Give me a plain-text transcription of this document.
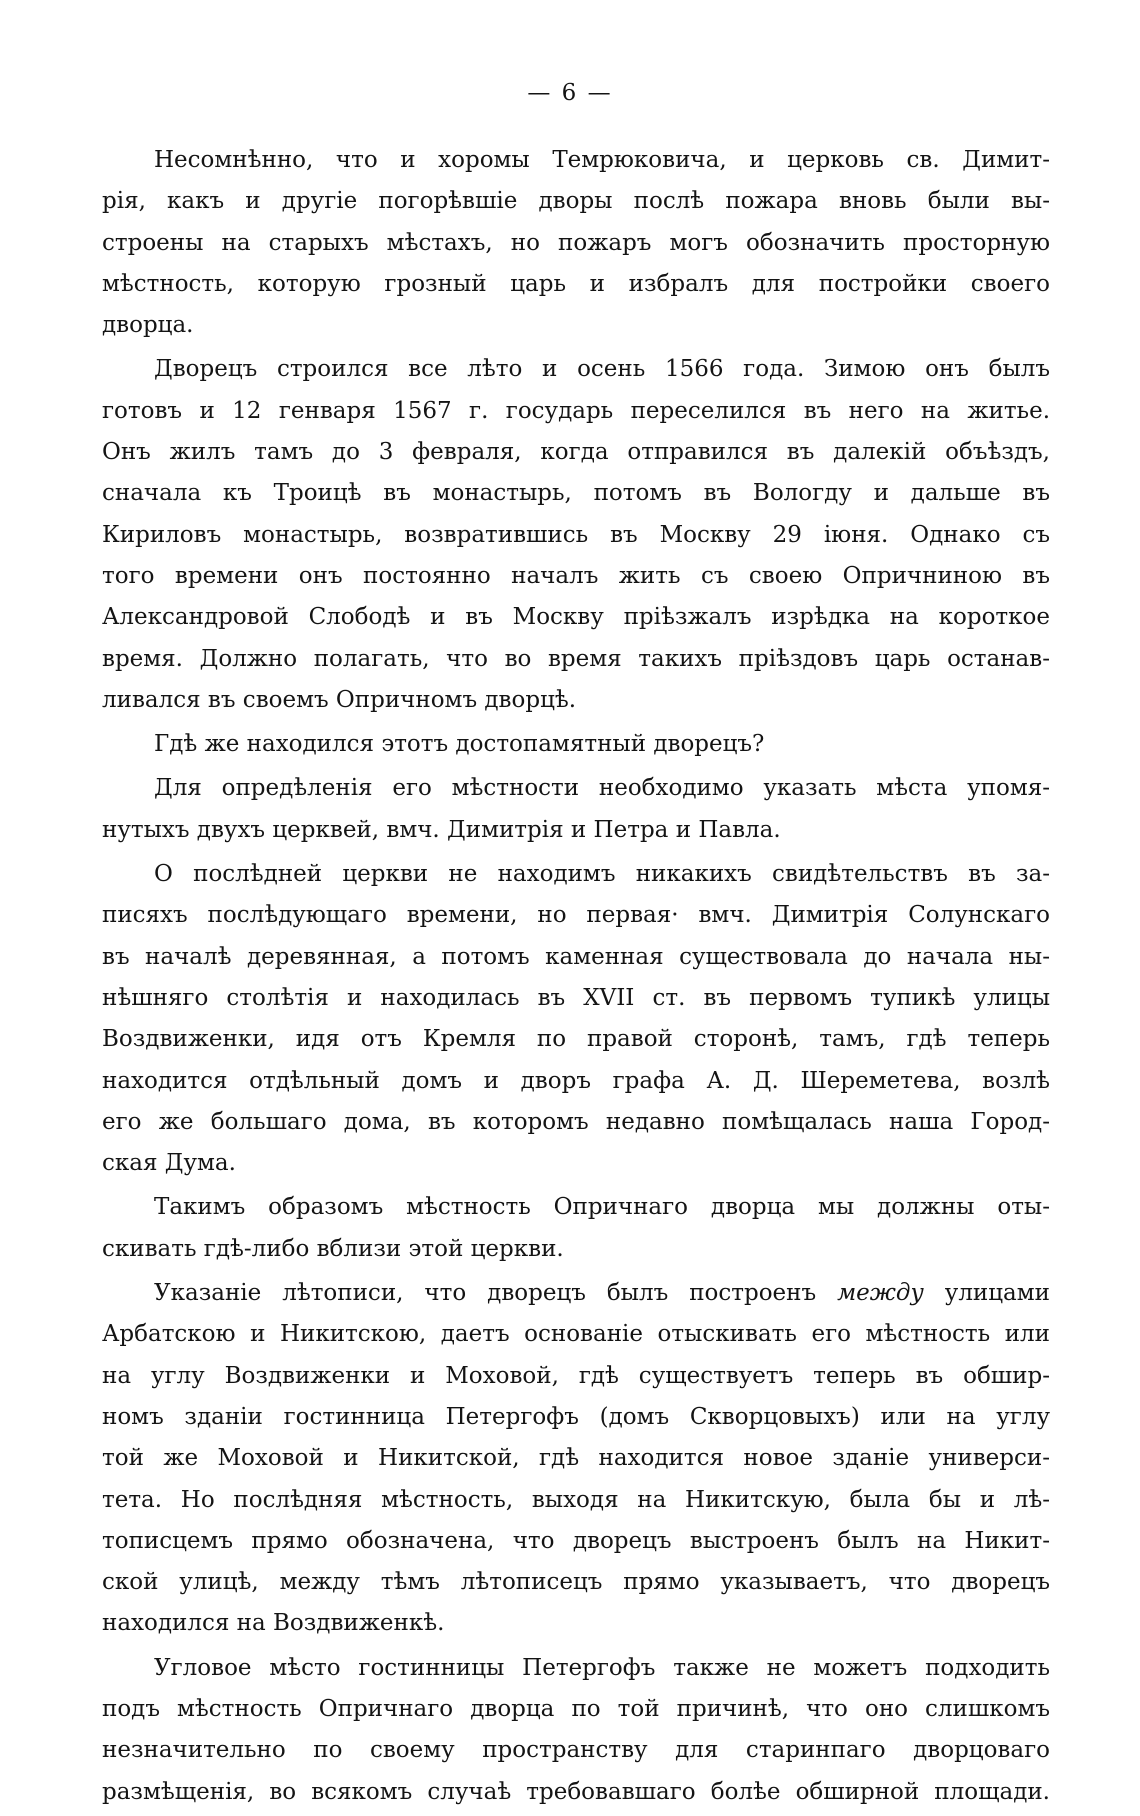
— 6 —
Несомнѣнно, что и хоромы Темрюковича, и церковь св. Димит-
рія, какъ и другіе погорѣвшіе дворы послѣ пожара вновь были вы-
строены на старыхъ мѣстахъ, но пожаръ могъ обозначить просторную
мѣстность, которую грозный царь и избралъ для постройки своего
дворца.
Дворецъ строился все лѣто и осень 1566 года. Зимою онъ былъ
готовъ и 12 генваря 1567 г. государь переселился въ него на житье.
Онъ жилъ тамъ до 3 февраля, когда отправился въ далекій объѣздъ,
сначала къ Троицѣ въ монастырь, потомъ въ Вологду и дальше въ
Кириловъ монастырь, возвратившись въ Москву 29 іюня. Однако съ
того времени онъ постоянно началъ жить съ своею Опричниною въ
Александровой Слободѣ и въ Москву пріѣзжалъ изрѣдка на короткое
время. Должно полагать, что во время такихъ пріѣздовъ царь останав-
ливался въ своемъ Опричномъ дворцѣ.
Гдѣ же находился этотъ достопамятный дворецъ?
Для опредѣленія его мѣстности необходимо указать мѣста упомя-
нутыхъ двухъ церквей, вмч. Димитрія и Петра и Павла.
О послѣдней церкви не находимъ никакихъ свидѣтельствъ въ за-
писяхъ послѣдующаго времени, но первая· вмч. Димитрія Солунскаго
въ началѣ деревянная, а потомъ каменная существовала до начала ны-
нѣшняго столѣтія и находилась въ XVII ст. въ первомъ тупикѣ улицы
Воздвиженки, идя отъ Кремля по правой сторонѣ, тамъ, гдѣ теперь
находится отдѣльный домъ и дворъ графа А. Д. Шереметева, возлѣ
его же большаго дома, въ которомъ недавно помѣщалась наша Город-
ская Дума.
Такимъ образомъ мѣстность Опричнаго дворца мы должны оты-
скивать гдѣ-либо вблизи этой церкви.
Указаніе лѣтописи, что дворецъ былъ построенъ между улицами
Арбатскою и Никитскою, даетъ основаніе отыскивать его мѣстность или
на углу Воздвиженки и Моховой, гдѣ существуетъ теперь въ обшир-
номъ зданіи гостинница Петергофъ (домъ Скворцовыхъ) или на углу
той же Моховой и Никитской, гдѣ находится новое зданіе универси-
тета. Но послѣдняя мѣстность, выходя на Никитскую, была бы и лѣ-
тописцемъ прямо обозначена, что дворецъ выстроенъ былъ на Никит-
ской улицѣ, между тѣмъ лѣтописецъ прямо указываетъ, что дворецъ
находился на Воздвиженкѣ.
Угловое мѣсто гостинницы Петергофъ также не можетъ подходить
подъ мѣстность Опричнаго дворца по той причинѣ, что оно слишкомъ
незначительно по своему пространству для старинпаго дворцоваго
размѣщенія, во всякомъ случаѣ требовавшаго болѣе обширной площади.
